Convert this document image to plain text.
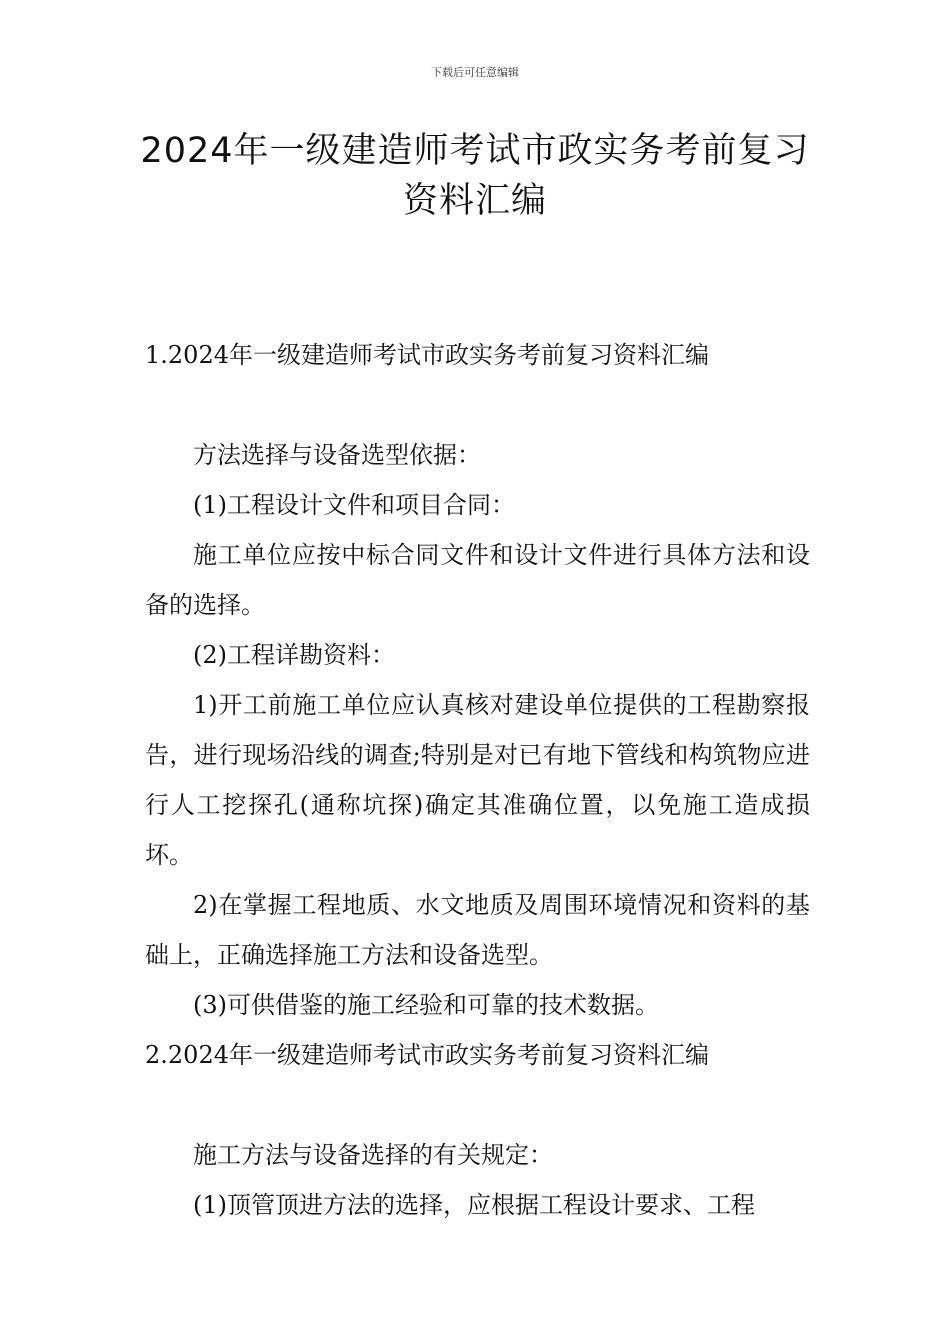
下载后可任意编辑
2024年一级建造师考试市政实务考前复习
资料汇编

1.2024年一级建造师考试市政实务考前复习资料汇编

方法选择与设备选型依据：

(1)工程设计文件和项目合同：

施工单位应按中标合同文件和设计文件进行具体方法和设备的选择。

(2)工程详勘资料：

1)开工前施工单位应认真核对建设单位提供的工程勘察报告，进行现场沿线的调查;特别是对已有地下管线和构筑物应进行人工挖探孔(通称坑探)确定其准确位置，以免施工造成损坏。

2)在掌握工程地质、水文地质及周围环境情况和资料的基础上，正确选择施工方法和设备选型。

(3)可供借鉴的施工经验和可靠的技术数据。

2.2024年一级建造师考试市政实务考前复习资料汇编

施工方法与设备选择的有关规定：

(1)顶管顶进方法的选择，应根据工程设计要求、工程
